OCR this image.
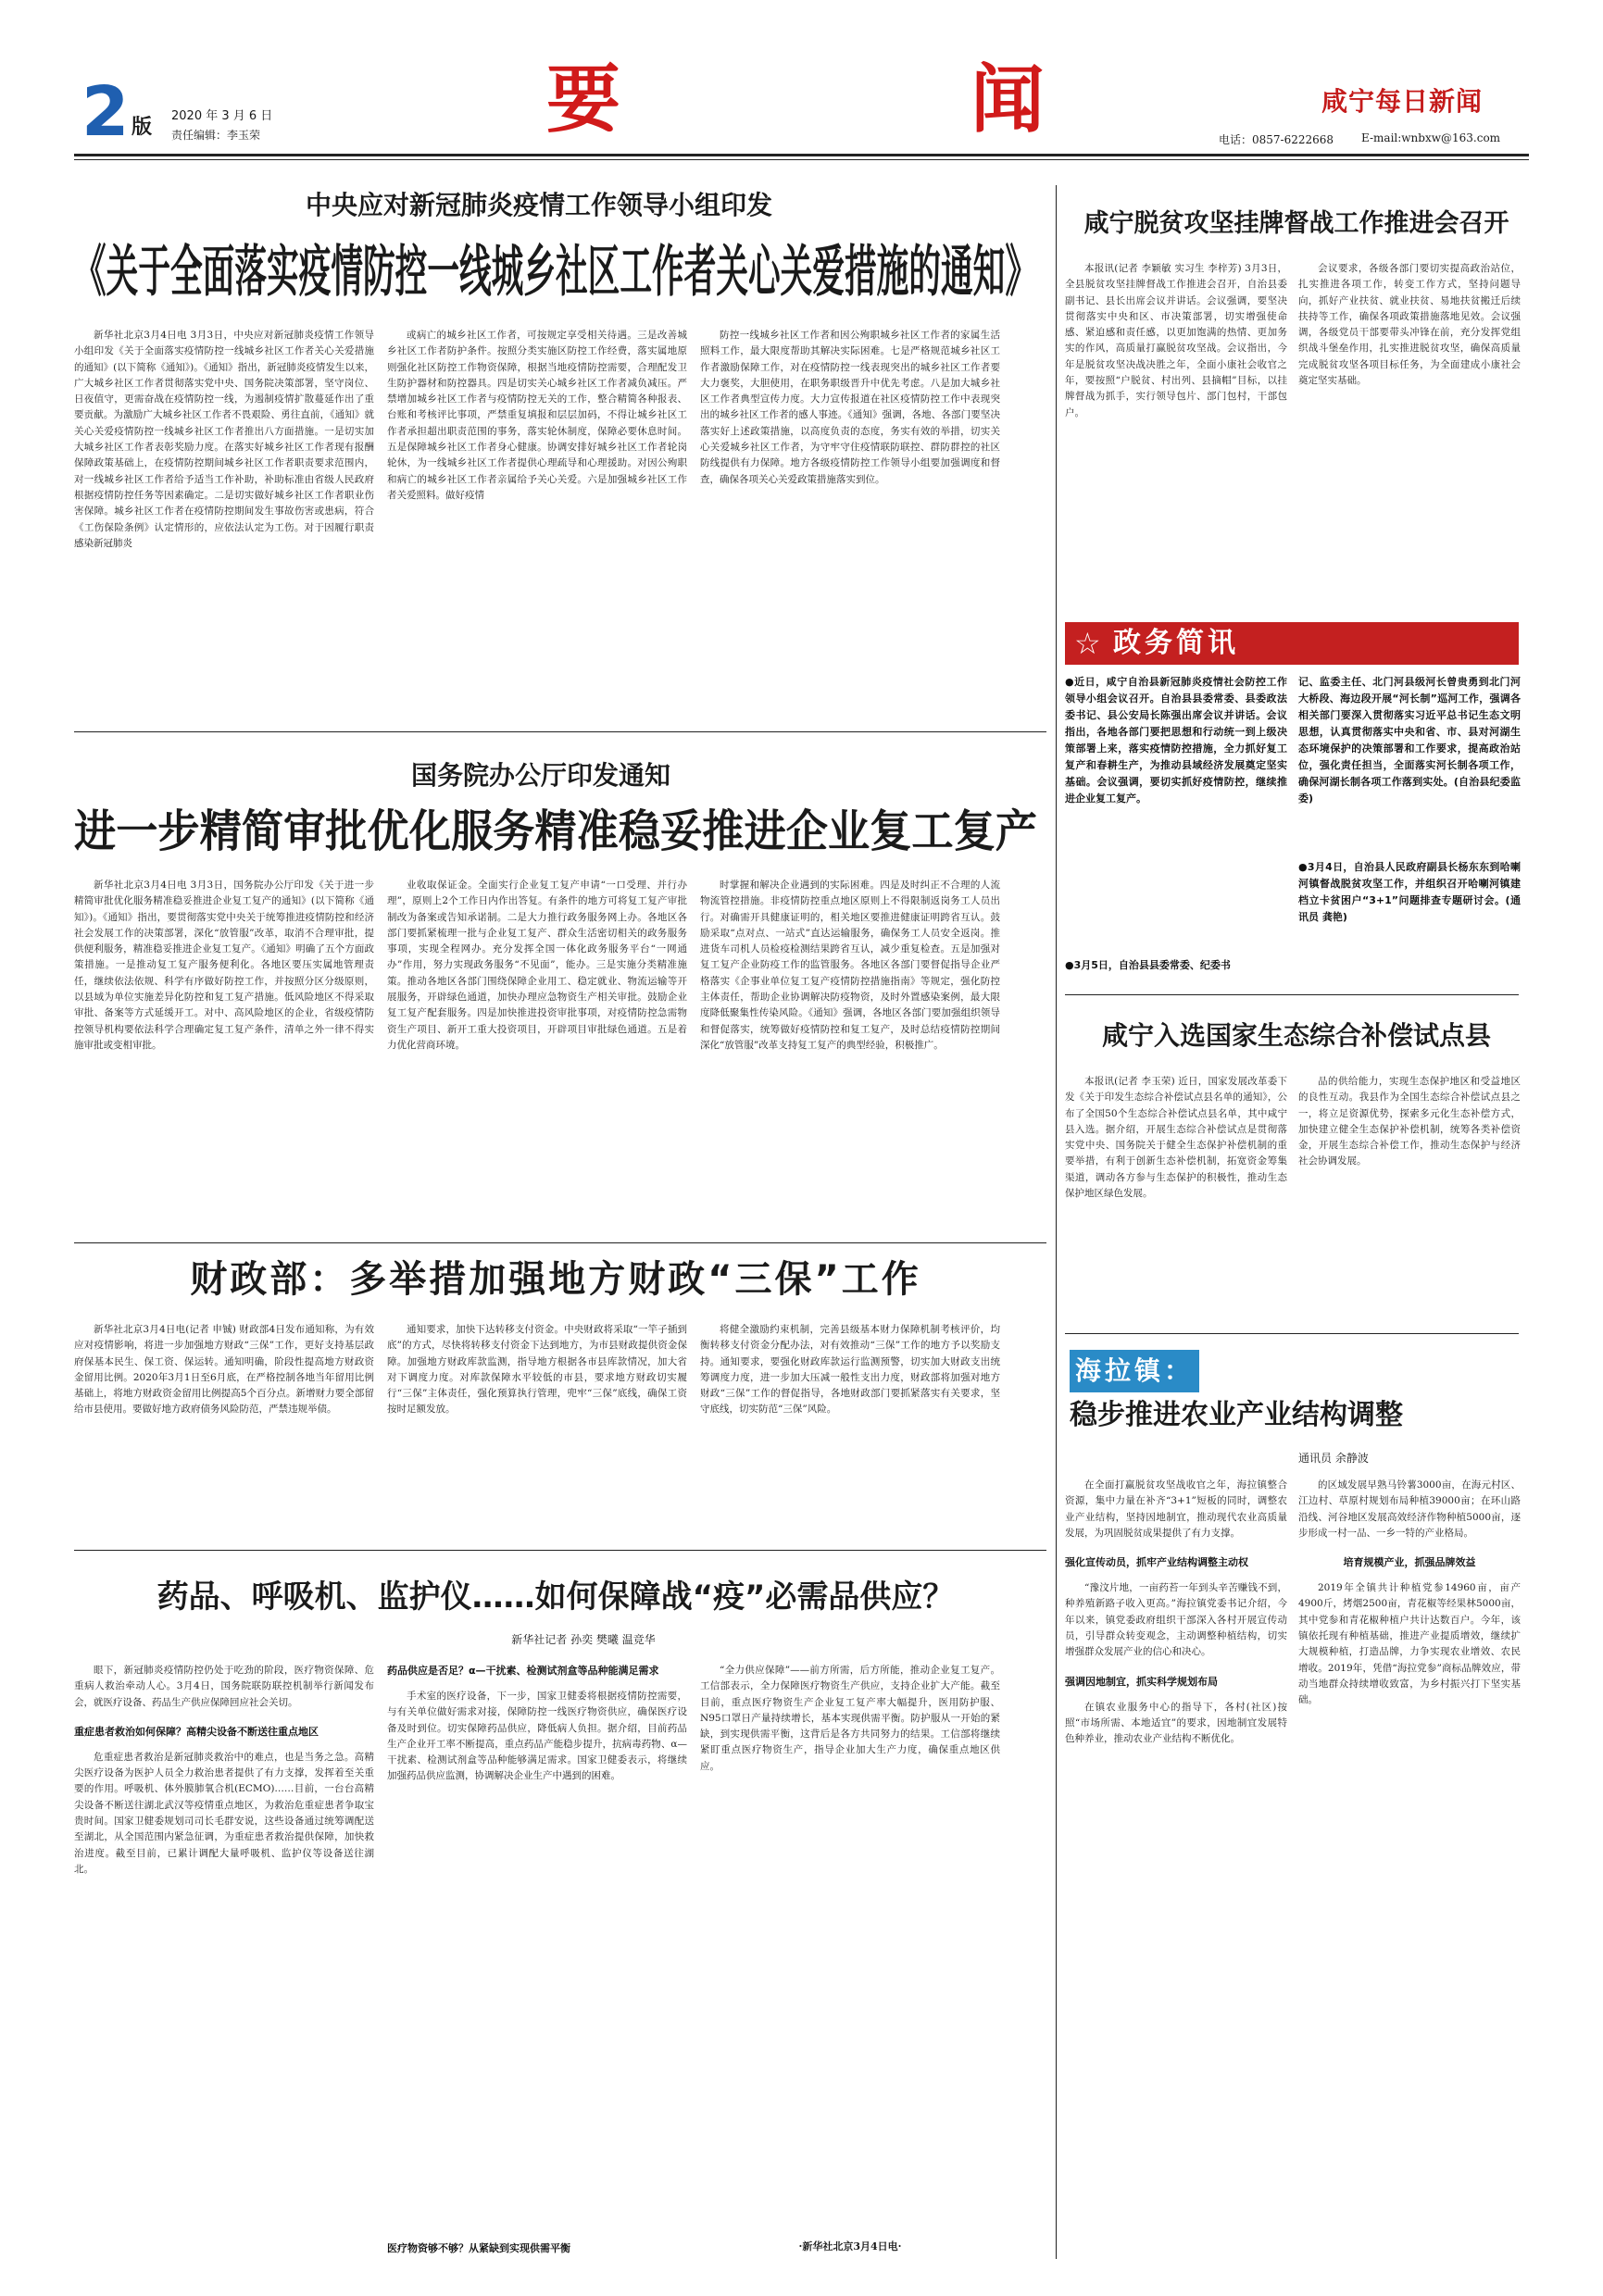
2 版 2020 年 3 月 6 日
责任编辑：李玉荣	要	闻	咸宁每日新闻
电话：0857-6222668 E-mail:wnbxw@163.com
中央应对新冠肺炎疫情工作领导小组印发
《关于全面落实疫情防控一线城乡社区工作者关心关爱措施的通知》
新华社北京3月4日电 3月3日，中央应对新冠肺炎疫情工作领导小组印发《关于全面落实疫情防控一线城乡社区工作者关心关爱措施的通知》(以下简称《通知》)。《通知》指出，新冠肺炎疫情发生以来，广大城乡社区工作者贯彻落实党中央、国务院决策部署，坚守岗位、日夜值守，更需奋战在疫情防控一线，为遏制疫情扩散蔓延作出了重要贡献。为激励广大城乡社区工作者不畏艰险、勇往直前，《通知》就关心关爱疫情防控一线城乡社区工作者推出八方面措施。一是切实加大城乡社区工作者表彰奖励力度。在落实好城乡社区工作者现有报酬保障政策基础上，在疫情防控期间城乡社区工作者职责要求范围内，对一线城乡社区工作者给予适当工作补助，补助标准由省级人民政府根据疫情防控任务等因素确定。二是切实做好城乡社区工作者职业伤害保障。城乡社区工作者在疫情防控期间发生事故伤害或患病，符合《工伤保险条例》认定情形的，应依法认定为工伤。对于因履行职责感染新冠肺炎
或病亡的城乡社区工作者，可按规定享受相关待遇。三是改善城乡社区工作者防护条件。按照分类实施区防控工作经费，落实属地原则强化社区防控工作物资保障，根据当地疫情防控需要，合理配发卫生防护器材和防控器具。四是切实关心城乡社区工作者减负减压。严禁增加城乡社区工作者与疫情防控无关的工作，整合精简各种报表、台账和考核评比事项，严禁重复填报和层层加码，不得让城乡社区工作者承担超出职责范围的事务，落实轮休制度，保障必要休息时间。五是保障城乡社区工作者身心健康。协调安排好城乡社区工作者轮岗轮休，为一线城乡社区工作者提供心理疏导和心理援助。对因公殉职和病亡的城乡社区工作者亲属给予关心关爱。六是加强城乡社区工作者关爱照料。做好疫情
防控一线城乡社区工作者和因公殉职城乡社区工作者的家属生活照料工作，最大限度帮助其解决实际困难。七是严格规范城乡社区工作者激励保障工作，对在疫情防控一线表现突出的城乡社区工作者要大力褒奖，大胆使用，在职务职级晋升中优先考虑。八是加大城乡社区工作者典型宣传力度。大力宣传报道在社区疫情防控工作中表现突出的城乡社区工作者的感人事迹。《通知》强调，各地、各部门要坚决落实好上述政策措施，以高度负责的态度，务实有效的举措，切实关心关爱城乡社区工作者，为守牢守住疫情联防联控、群防群控的社区防线提供有力保障。地方各级疫情防控工作领导小组要加强调度和督查，确保各项关心关爱政策措施落实到位。
国务院办公厅印发通知
进一步精简审批优化服务精准稳妥推进企业复工复产
新华社北京3月4日电 3月3日，国务院办公厅印发《关于进一步精简审批优化服务精准稳妥推进企业复工复产的通知》(以下简称《通知》)。《通知》指出，要贯彻落实党中央关于统筹推进疫情防控和经济社会发展工作的决策部署，深化“放管服”改革，取消不合理审批，提供便利服务，精准稳妥推进企业复工复产。《通知》明确了五个方面政策措施。一是推动复工复产服务便利化。各地区要压实属地管理责任，继续依法依规、科学有序做好防控工作，并按照分区分级原则，以县域为单位实施差异化防控和复工复产措施。低风险地区不得采取审批、备案等方式延缓开工。对中、高风险地区的企业，省级疫情防控领导机构要依法科学合理确定复工复产条件，清单之外一律不得实施审批或变相审批。
业收取保证金。全面实行企业复工复产申请“一口受理、并行办理”，原则上2个工作日内作出答复。有条件的地方可将复工复产审批制改为备案或告知承诺制。二是大力推行政务服务网上办。各地区各部门要抓紧梳理一批与企业复工复产、群众生活密切相关的政务服务事项，实现全程网办。充分发挥全国一体化政务服务平台“一网通办”作用，努力实现政务服务“不见面”，能办。三是实施分类精准施策。推动各地区各部门围绕保障企业用工、稳定就业、物流运输等开展服务，开辟绿色通道，加快办理应急物资生产相关审批。鼓励企业复工复产配套服务。四是加快推进投资审批事项，对疫情防控急需物资生产项目、新开工重大投资项目，开辟项目审批绿色通道。五是着力优化营商环境。
时掌握和解决企业遇到的实际困难。四是及时纠正不合理的人流物流管控措施。非疫情防控重点地区原则上不得限制返岗务工人员出行。对确需开具健康证明的，相关地区要推进健康证明跨省互认。鼓励采取“点对点、一站式”直达运输服务，确保务工人员安全返岗。推进货车司机人员检疫检测结果跨省互认，减少重复检查。五是加强对复工复产企业防疫工作的监管服务。各地区各部门要督促指导企业严格落实《企事业单位复工复产疫情防控措施指南》等规定，强化防控主体责任，帮助企业协调解决防疫物资，及时外置感染案例，最大限度降低聚集性传染风险。《通知》强调，各地区各部门要加强组织领导和督促落实，统筹做好疫情防控和复工复产，及时总结疫情防控期间深化“放管服”改革支持复工复产的典型经验，积极推广。
财政部：多举措加强地方财政“三保”工作
新华社北京3月4日电(记者 申铖) 财政部4日发布通知称，为有效应对疫情影响，将进一步加强地方财政“三保”工作，更好支持基层政府保基本民生、保工资、保运转。通知明确，阶段性提高地方财政资金留用比例。2020年3月1日至6月底，在严格控制各地当年留用比例基础上，将地方财政资金留用比例提高5个百分点。新增财力要全部留给市县使用。要做好地方政府债务风险防范，严禁违规举债。
通知要求，加快下达转移支付资金。中央财政将采取“一竿子插到底”的方式，尽快将转移支付资金下达到地方，为市县财政提供资金保障。加强地方财政库款监测，指导地方根据各市县库款情况，加大省对下调度力度。对库款保障水平较低的市县，要求地方财政切实履行“三保”主体责任，强化预算执行管理，兜牢“三保”底线，确保工资按时足额发放。
将健全激励约束机制，完善县级基本财力保障机制考核评价，均衡转移支付资金分配办法，对有效推动“三保”工作的地方予以奖励支持。通知要求，要强化财政库款运行监测预警，切实加大财政支出统筹调度力度，进一步加大压减一般性支出力度，财政部将加强对地方财政“三保”工作的督促指导，各地财政部门要抓紧落实有关要求，坚守底线，切实防范“三保”风险。
药品、呼吸机、监护仪……如何保障战“疫”必需品供应？
新华社记者 孙奕 樊曦 温竞华
眼下，新冠肺炎疫情防控仍处于吃劲的阶段，医疗物资保障、危重病人救治牵动人心。3月4日，国务院联防联控机制举行新闻发布会，就医疗设备、药品生产供应保障回应社会关切。
重症患者救治如何保障？高精尖设备不断送往重点地区
危重症患者救治是新冠肺炎救治中的难点，也是当务之急。高精尖医疗设备为医护人员全力救治患者提供了有力支撑，发挥着至关重要的作用。呼吸机、体外膜肺氧合机(ECMO)……目前，一台台高精尖设备不断送往湖北武汉等疫情重点地区，为救治危重症患者争取宝贵时间。国家卫健委规划司司长毛群安说，这些设备通过统筹调配送至湖北，从全国范围内紧急征调，为重症患者救治提供保障，加快救治进度。截至目前，已累计调配大量呼吸机、监护仪等设备送往湖北。
药品供应是否足？α—干扰素、检测试剂盒等品种能满足需求
手术室的医疗设备，下一步，国家卫健委将根据疫情防控需要，与有关单位做好需求对接，保障防控一线医疗物资供应，确保医疗设备及时到位。切实保障药品供应，降低病人负担。据介绍，目前药品生产企业开工率不断提高，重点药品产能稳步提升，抗病毒药物、α—干扰素、检测试剂盒等品种能够满足需求。国家卫健委表示，将继续加强药品供应监测，协调解决企业生产中遇到的困难。
医疗物资够不够？从紧缺到实现供需平衡
“全力供应保障”——前方所需，后方所能，推动企业复工复产。工信部表示，全力保障医疗物资生产供应，支持企业扩大产能。截至目前，重点医疗物资生产企业复工复产率大幅提升，医用防护服、N95口罩日产量持续增长，基本实现供需平衡。防护服从一开始的紧缺，到实现供需平衡，这背后是各方共同努力的结果。工信部将继续紧盯重点医疗物资生产，指导企业加大生产力度，确保重点地区供应。
·新华社北京3月4日电·
咸宁脱贫攻坚挂牌督战工作推进会召开
本报讯(记者 李颖敏 实习生 李梓芳) 3月3日，全县脱贫攻坚挂牌督战工作推进会召开，自治县委副书记、县长出席会议并讲话。会议强调，要坚决贯彻落实中央和区、市决策部署，切实增强使命感、紧迫感和责任感，以更加饱满的热情、更加务实的作风，高质量打赢脱贫攻坚战。会议指出，今年是脱贫攻坚决战决胜之年，全面小康社会收官之年，要按照“户脱贫、村出列、县摘帽”目标，以挂牌督战为抓手，实行领导包片、部门包村，干部包户。
会议要求，各级各部门要切实提高政治站位，扎实推进各项工作，转变工作方式，坚持问题导向，抓好产业扶贫、就业扶贫、易地扶贫搬迁后续扶持等工作，确保各项政策措施落地见效。会议强调，各级党员干部要带头冲锋在前，充分发挥党组织战斗堡垒作用，扎实推进脱贫攻坚，确保高质量完成脱贫攻坚各项目标任务，为全面建成小康社会奠定坚实基础。
☆ 政务简讯
●近日，咸宁自治县新冠肺炎疫情社会防控工作领导小组会议召开。自治县县委常委、县委政法委书记、县公安局长陈强出席会议并讲话。会议指出，各地各部门要把思想和行动统一到上级决策部署上来，落实疫情防控措施，全力抓好复工复产和春耕生产，为推动县域经济发展奠定坚实基础。会议强调，要切实抓好疫情防控，继续推进企业复工复产。
●3月5日，自治县县委常委、纪委书
记、监委主任、北门河县级河长曾贵勇到北门河大桥段、海边段开展“河长制”巡河工作，强调各相关部门要深入贯彻落实习近平总书记生态文明思想，认真贯彻落实中央和省、市、县对河湖生态环境保护的决策部署和工作要求，提高政治站位，强化责任担当，全面落实河长制各项工作，确保河湖长制各项工作落到实处。(自治县纪委监委)
●3月4日，自治县人民政府副县长杨东东到哈喇河镇督战脱贫攻坚工作，并组织召开哈喇河镇建档立卡贫困户“3+1”问题排查专题研讨会。(通讯员 龚艳)
咸宁入选国家生态综合补偿试点县
本报讯(记者 李玉荣) 近日，国家发展改革委下发《关于印发生态综合补偿试点县名单的通知》，公布了全国50个生态综合补偿试点县名单，其中咸宁县入选。据介绍，开展生态综合补偿试点是贯彻落实党中央、国务院关于健全生态保护补偿机制的重要举措，有利于创新生态补偿机制，拓宽资金筹集渠道，调动各方参与生态保护的积极性，推动生态保护地区绿色发展。
品的供给能力，实现生态保护地区和受益地区的良性互动。我县作为全国生态综合补偿试点县之一，将立足资源优势，探索多元化生态补偿方式，加快建立健全生态保护补偿机制，统筹各类补偿资金，开展生态综合补偿工作，推动生态保护与经济社会协调发展。
海拉镇：
稳步推进农业产业结构调整
通讯员 余静波
在全面打赢脱贫攻坚战收官之年，海拉镇整合资源，集中力量在补齐“3+1”短板的同时，调整农业产业结构，坚持因地制宜，推动现代农业高质量发展，为巩固脱贫成果提供了有力支撑。
强化宣传动员，抓牢产业结构调整主动权
“豫汶片地，一亩药苔一年到头辛苦赚钱不到，种养殖新路子收入更高。”海拉镇党委书记介绍，今年以来，镇党委政府组织干部深入各村开展宣传动员，引导群众转变观念，主动调整种植结构，切实增强群众发展产业的信心和决心。
强调因地制宜，抓实科学规划布局
在镇农业服务中心的指导下，各村(社区)按照“市场所需、本地适宜”的要求，因地制宜发展特色种养业，推动农业产业结构不断优化。
的区域发展早熟马铃薯3000亩，在海元村区、江边村、草原村规划布局种植39000亩；在环山路沿线、河谷地区发展高效经济作物种植5000亩，逐步形成一村一品、一乡一特的产业格局。
培育规模产业，抓强品牌效益
2019年全镇共计种植党参14960亩，亩产4900斤，烤烟2500亩，青花椒等经果林5000亩，其中党参和青花椒种植户共计达数百户。今年，该镇依托现有种植基础，推进产业提质增效，继续扩大规模种植，打造品牌，力争实现农业增效、农民增收。2019年，凭借“海拉党参”商标品牌效应，带动当地群众持续增收致富，为乡村振兴打下坚实基础。
